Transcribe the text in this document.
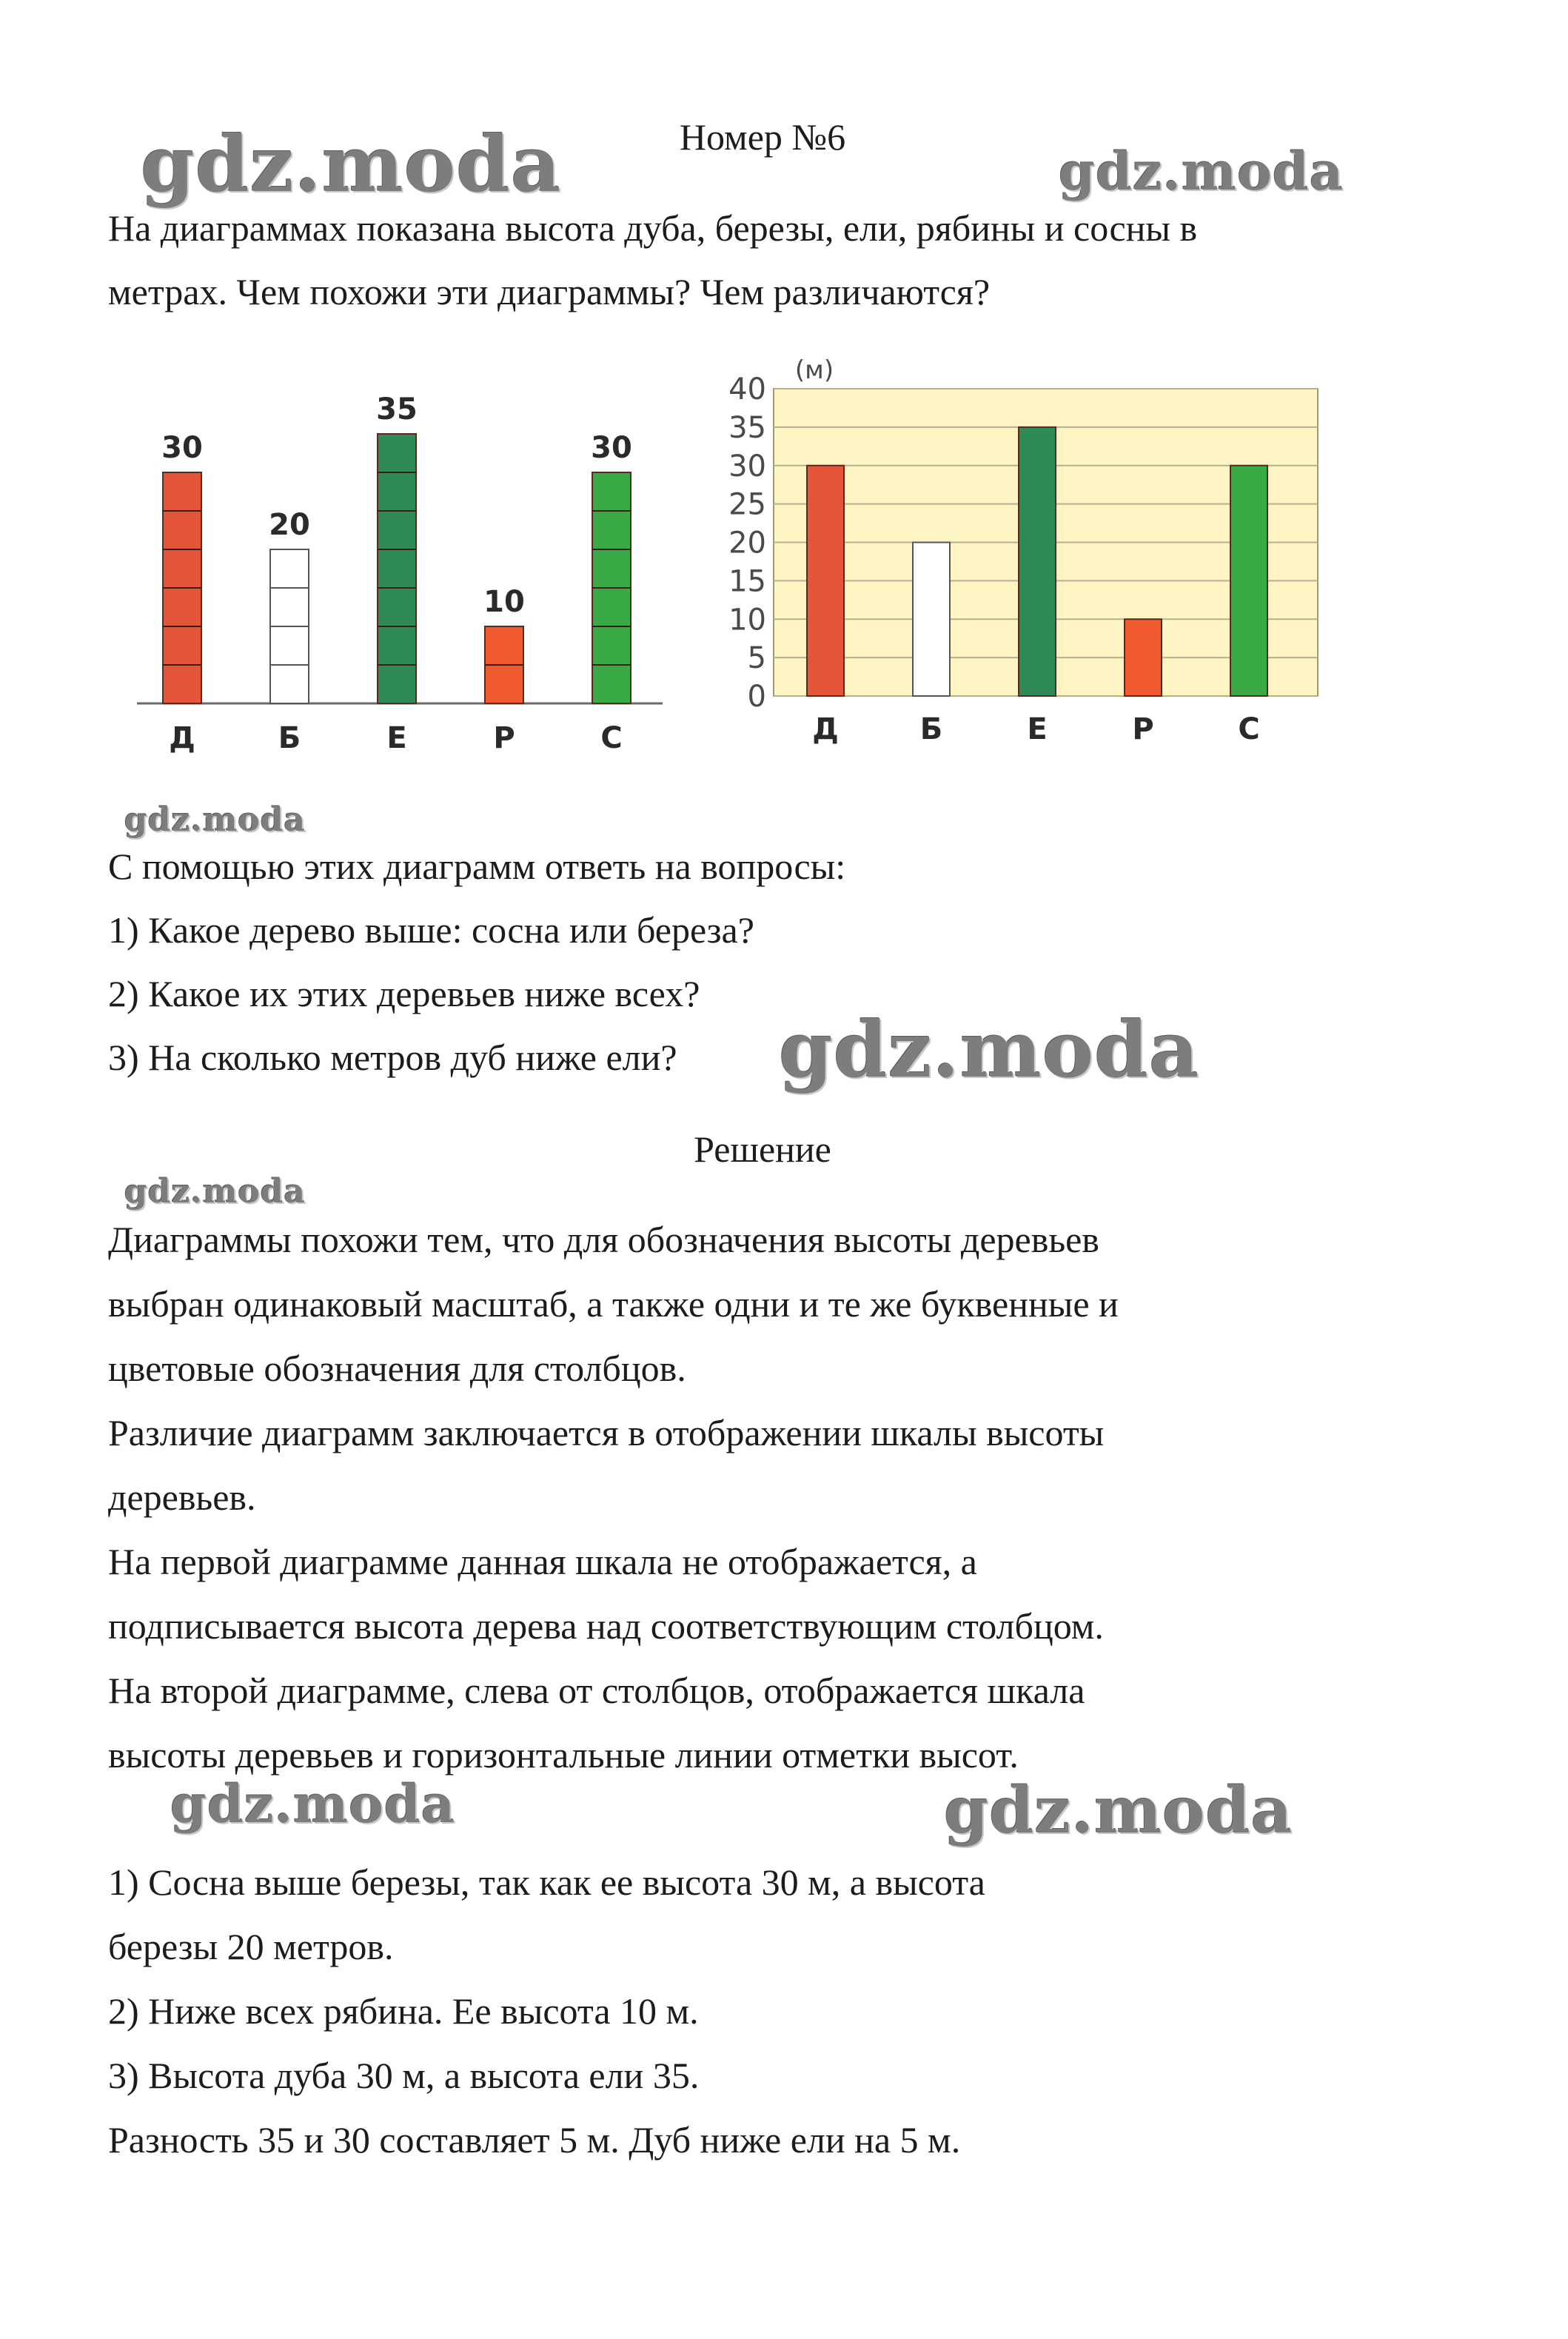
Номер №6

На диаграммах показана высота дуба, березы, ели, рябины и сосны в

метрах. Чем похожи эти диаграммы? Чем различаются?

30
Д
20
Б
35
Е
10
Р
30
С
0
5
10
15
20
25
30
35
40
(м)
Д	Б	Е	Р	С

С помощью этих диаграмм ответь на вопросы:

1) Какое дерево выше: сосна или береза?

2) Какое их этих деревьев ниже всех?

3) На сколько метров дуб ниже ели?

Решение

Диаграммы похожи тем, что для обозначения высоты деревьев

выбран одинаковый масштаб, а также одни и те же буквенные и

цветовые обозначения для столбцов.

Различие диаграмм заключается в отображении шкалы высоты

деревьев.

На первой диаграмме данная шкала не отображается, а

подписывается высота дерева над соответствующим столбцом.

На второй диаграмме, слева от столбцов, отображается шкала

высоты деревьев и горизонтальные линии отметки высот.

1) Сосна выше березы, так как ее высота 30 м, а высота

березы 20 метров.

2) Ниже всех рябина. Ее высота 10 м.

3) Высота дуба 30 м, а высота ели 35.

Разность 35 и 30 составляет 5 м. Дуб ниже ели на 5 м.

gdz.moda	gdz.moda

gdz.moda

gdz.moda

gdz.moda

gdz.moda	gdz.moda
